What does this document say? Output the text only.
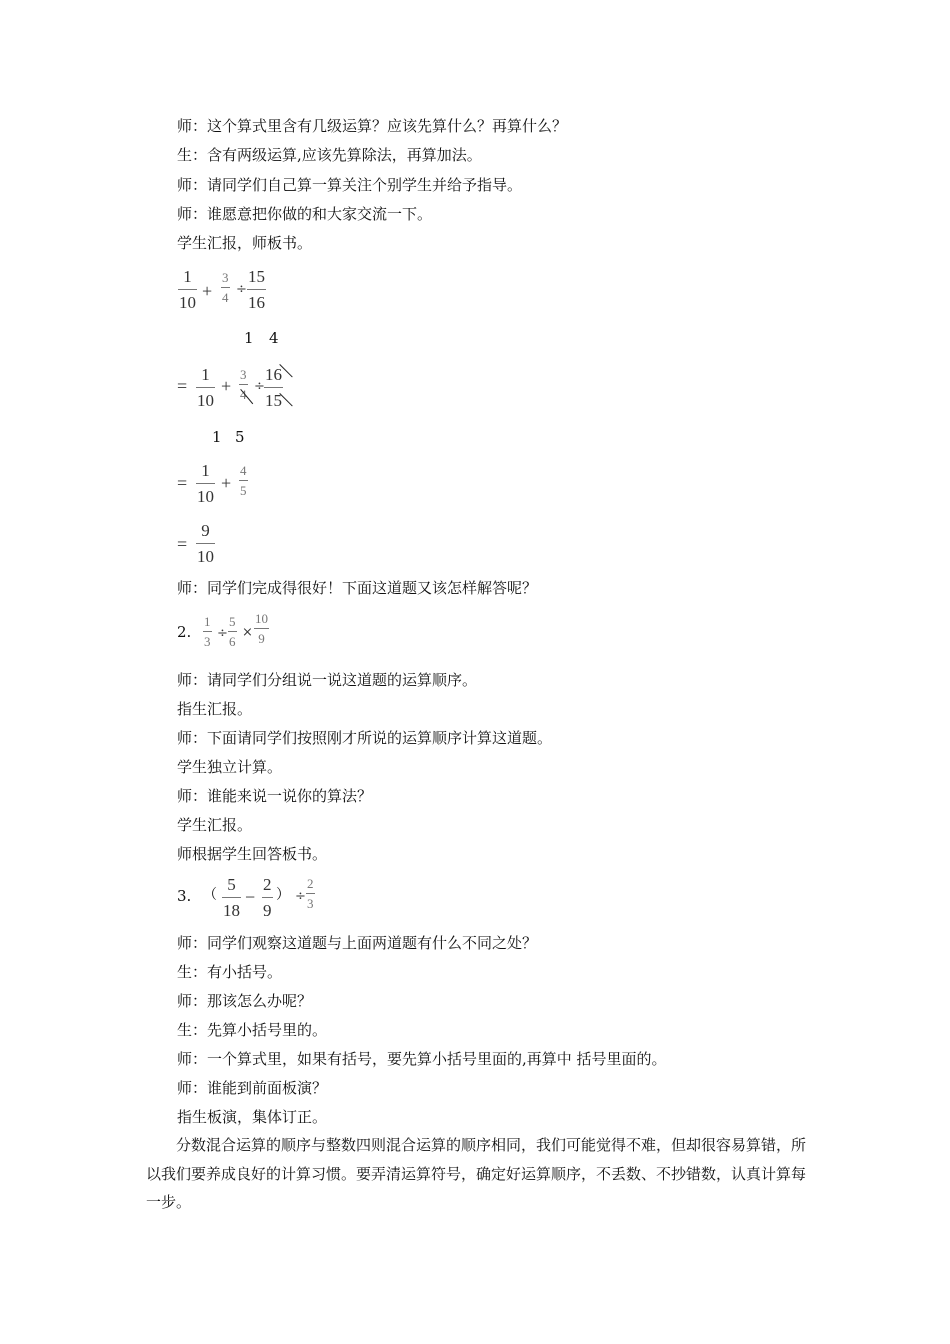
师：这个算式里含有几级运算？应该先算什么？再算什么？
生：含有两级运算,应该先算除法，再算加法。
师：请同学们自己算一算关注个别学生并给予指导。
师：谁愿意把你做的和大家交流一下。
学生汇报，师板书。
1
10
+
3
4
÷
15
16
1 4
=
1
10
+
3
4
÷
16
15
1 5
=
1
10
+
4
5
=
9
10
师：同学们完成得很好！下面这道题又该怎样解答呢？
2.
1
3
÷
5
6
×
10
9
师：请同学们分组说一说这道题的运算顺序。
指生汇报。
师：下面请同学们按照刚才所说的运算顺序计算这道题。
学生独立计算。
师：谁能来说一说你的算法？
学生汇报。
师根据学生回答板书。
3. （
5
18
−
2
9
） ÷
2
3
师：同学们观察这道题与上面两道题有什么不同之处？
生：有小括号。
师：那该怎么办呢？
生：先算小括号里的。
师：一个算式里，如果有括号，要先算小括号里面的,再算中 括号里面的。
师：谁能到前面板演？
指生板演，集体订正。
分数混合运算的顺序与整数四则混合运算的顺序相同，我们可能觉得不难，但却很容易算错，所以我们要养成良好的计算习惯。要弄清运算符号，确定好运算顺序，不丢数、不抄错数，认真计算每一步。
